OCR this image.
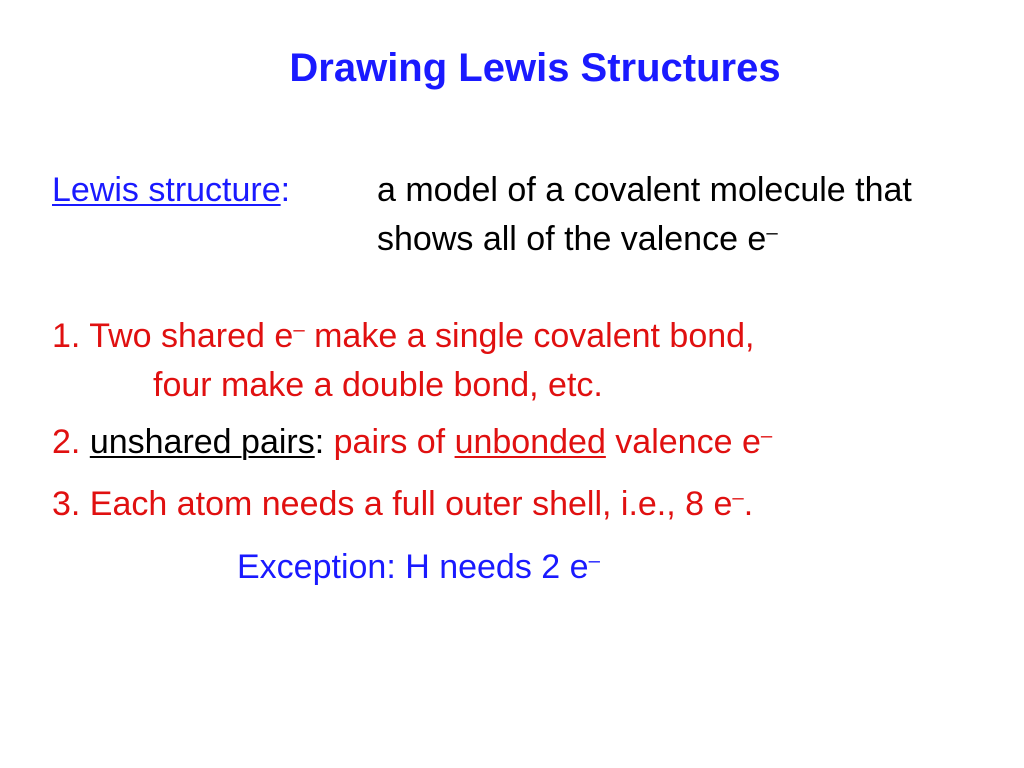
Drawing Lewis Structures
Lewis structure:	a model of a covalent molecule that
shows all of the valence e–
1. Two shared e– make a single covalent bond,
four make a double bond, etc.
2. unshared pairs: pairs of unbonded valence e–
3. Each atom needs a full outer shell, i.e., 8 e–.
Exception: H needs 2 e–
